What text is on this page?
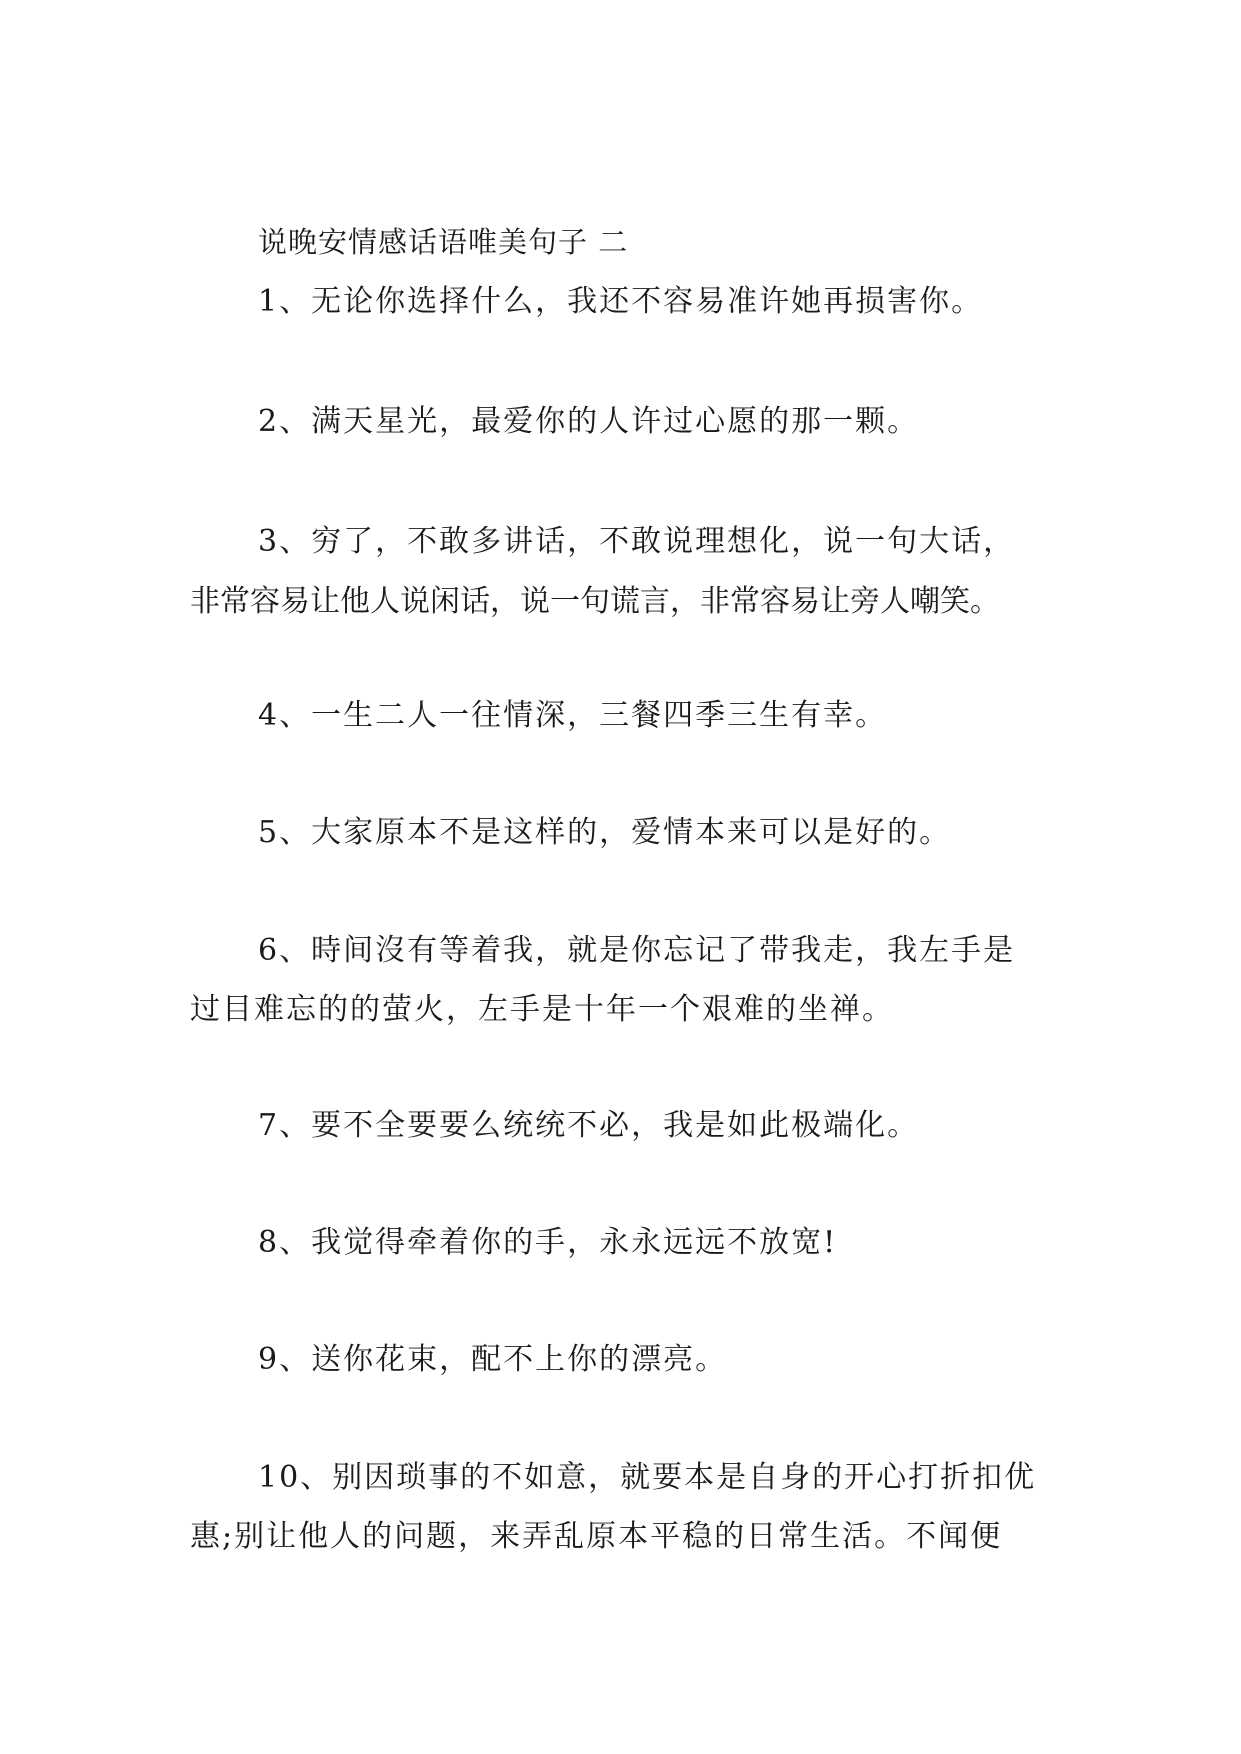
说晚安情感话语唯美句子 二

1、无论你选择什么，我还不容易准许她再损害你。

2、满天星光，最爱你的人许过心愿的那一颗。

3、穷了，不敢多讲话，不敢说理想化，说一句大话，

非常容易让他人说闲话，说一句谎言，非常容易让旁人嘲笑。

4、一生二人一往情深，三餐四季三生有幸。

5、大家原本不是这样的，爱情本来可以是好的。

6、時间沒有等着我，就是你忘记了带我走，我左手是

过目难忘的的萤火，左手是十年一个艰难的坐禅。

7、要不全要要么统统不必，我是如此极端化。

8、我觉得牵着你的手，永永远远不放宽!

9、送你花束，配不上你的漂亮。

10、别因琐事的不如意，就要本是自身的开心打折扣优

惠;别让他人的问题，来弄乱原本平稳的日常生活。不闻便
